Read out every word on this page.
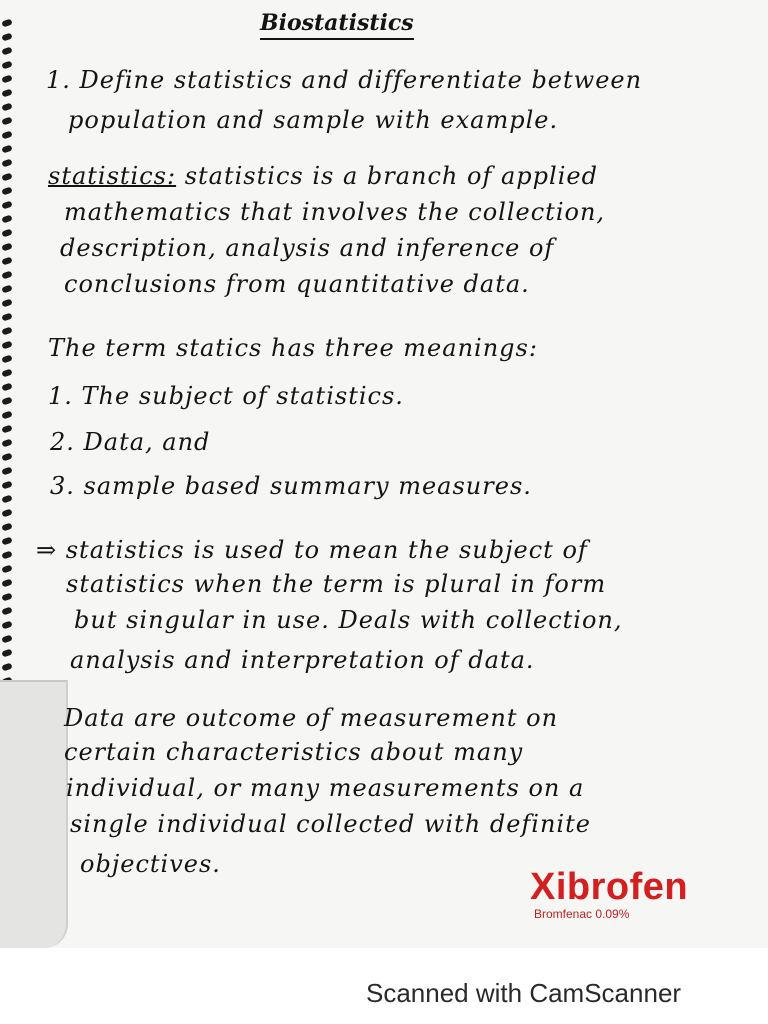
Biostatistics

1. Define statistics and differentiate between

population and sample with example.

statistics: statistics is a branch of applied

mathematics that involves the collection,

description, analysis and inference of

conclusions from quantitative data.

The term statics has three meanings:

1. The subject of statistics.

2. Data, and

3. sample based summary measures.

⇒ statistics is used to mean the subject of

statistics when the term is plural in form

but singular in use. Deals with collection,

analysis and interpretation of data.

Data are outcome of measurement on

certain characteristics about many

individual, or many measurements on a

single individual collected with definite

objectives.

Xibrofen
Bromfenac 0.09%
Scanned with CamScanner
